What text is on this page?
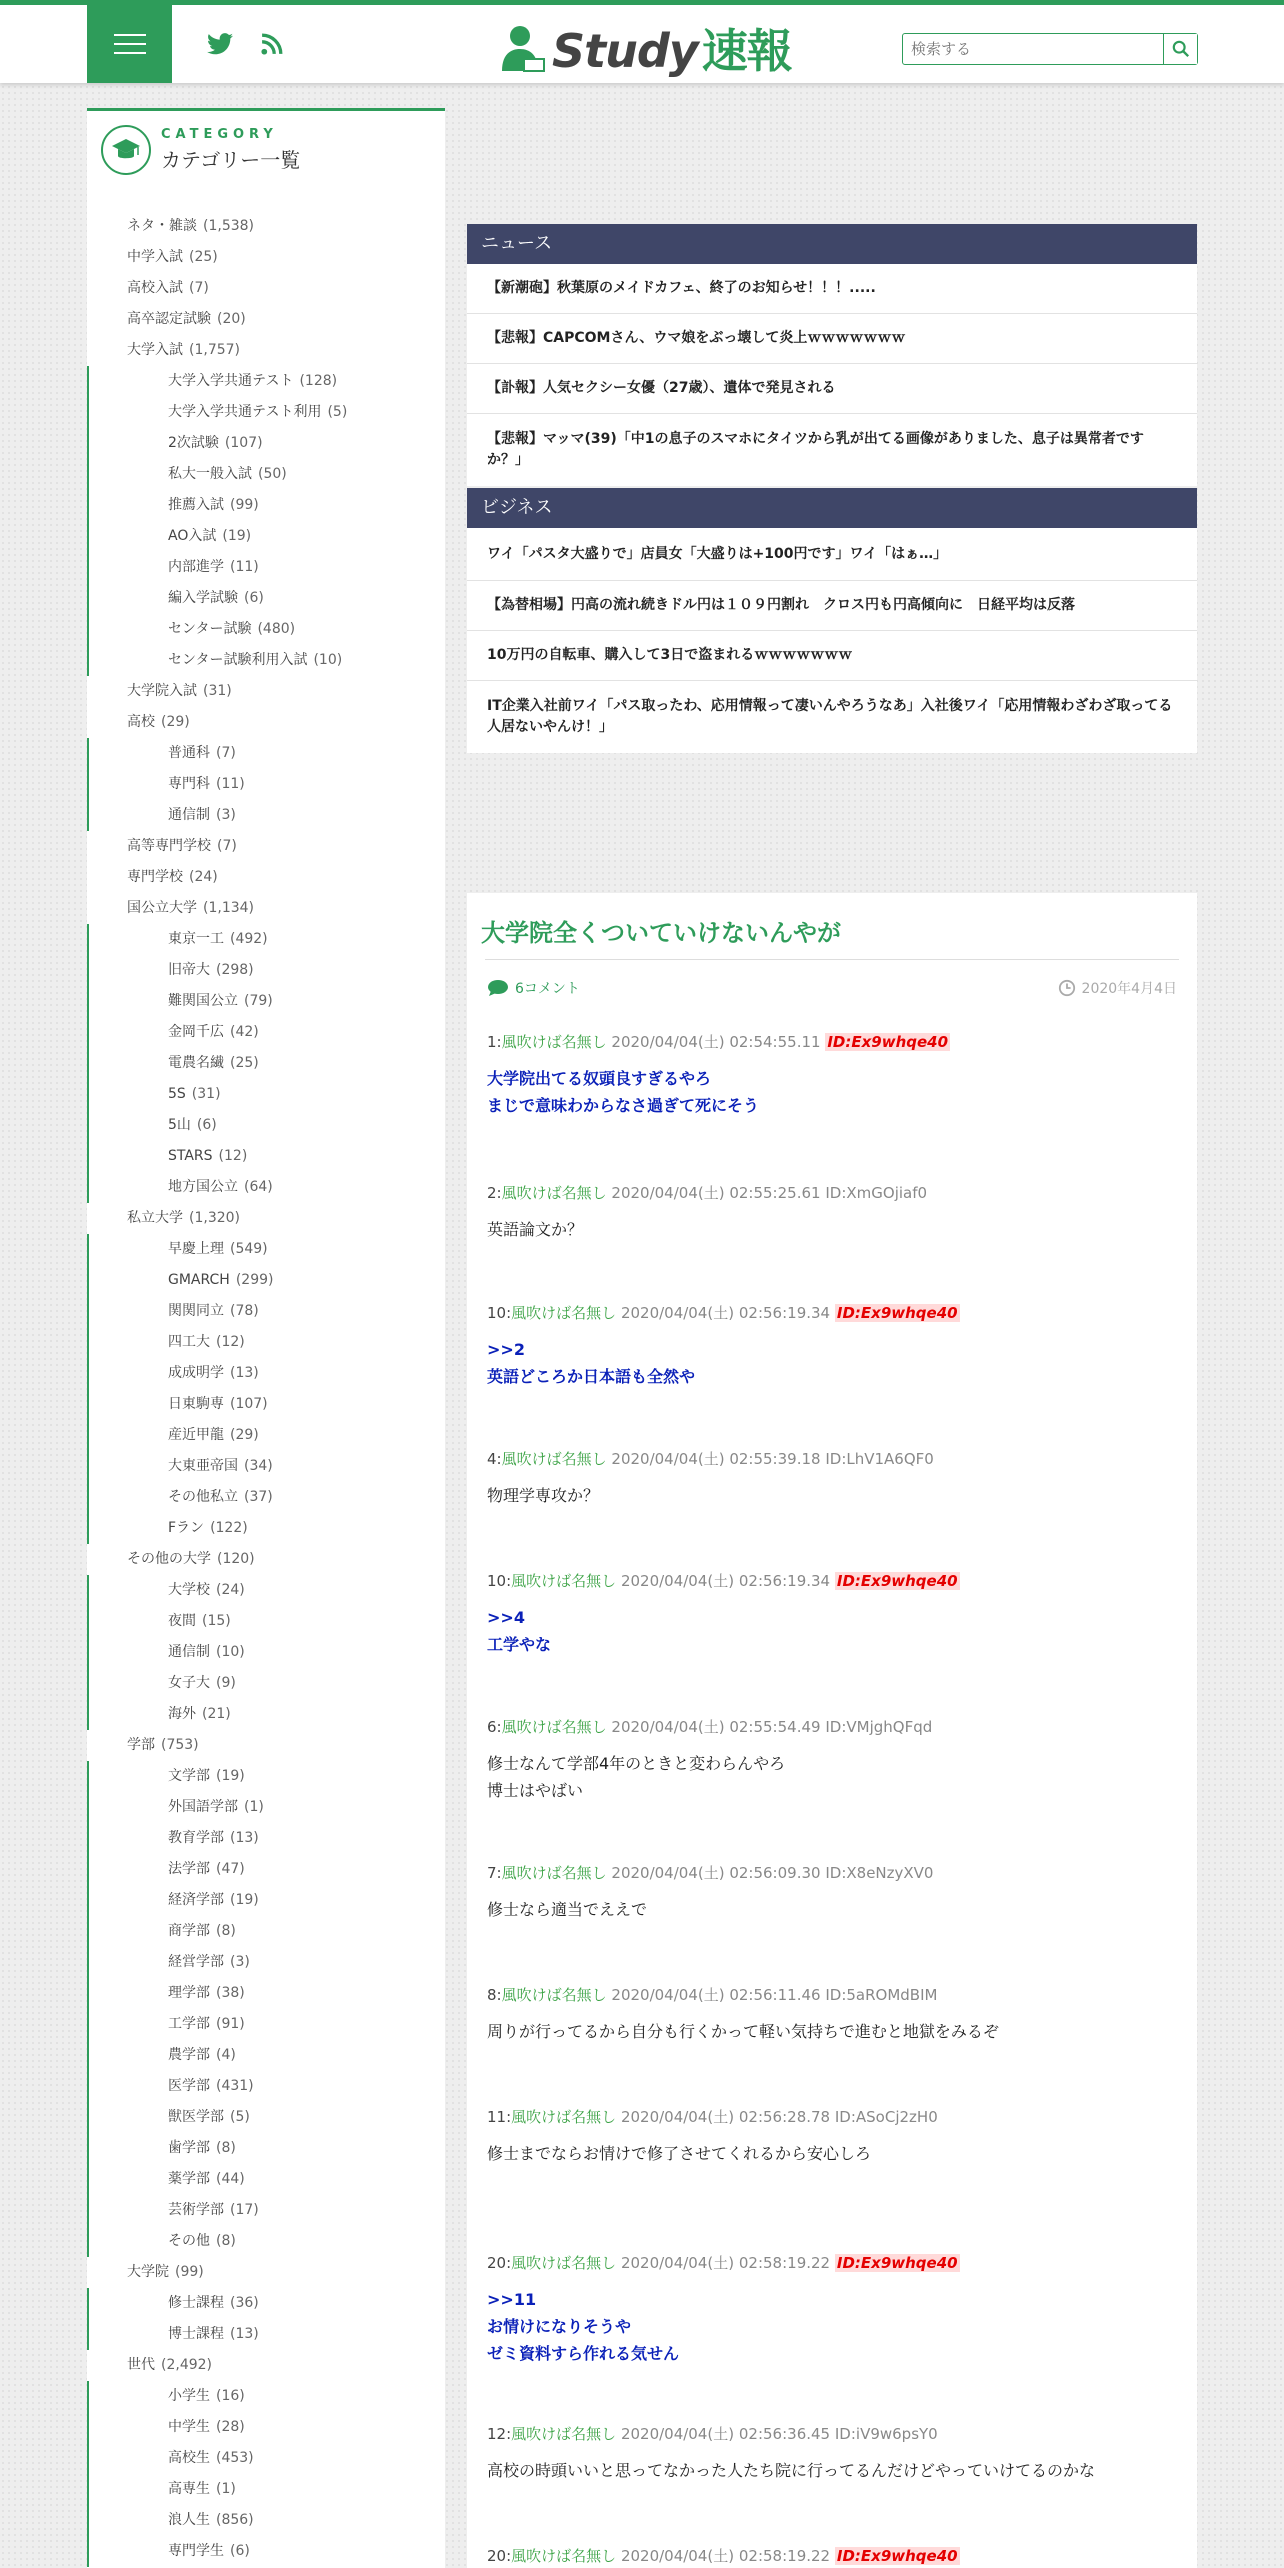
Study速報
検索する
CATEGORY
カテゴリー一覧
ネタ・雑談 (1,538)
中学入試 (25)
高校入試 (7)
高卒認定試験 (20)
大学入試 (1,757)
大学入学共通テスト (128)
大学入学共通テスト利用 (5)
2次試験 (107)
私大一般入試 (50)
推薦入試 (99)
AO入試 (19)
内部進学 (11)
編入学試験 (6)
センター試験 (480)
センター試験利用入試 (10)
大学院入試 (31)
高校 (29)
普通科 (7)
専門科 (11)
通信制 (3)
高等専門学校 (7)
専門学校 (24)
国公立大学 (1,134)
東京一工 (492)
旧帝大 (298)
難関国公立 (79)
金岡千広 (42)
電農名繊 (25)
5S (31)
5山 (6)
STARS (12)
地方国公立 (64)
私立大学 (1,320)
早慶上理 (549)
GMARCH (299)
関関同立 (78)
四工大 (12)
成成明学 (13)
日東駒専 (107)
産近甲龍 (29)
大東亜帝国 (34)
その他私立 (37)
Fラン (122)
その他の大学 (120)
大学校 (24)
夜間 (15)
通信制 (10)
女子大 (9)
海外 (21)
学部 (753)
文学部 (19)
外国語学部 (1)
教育学部 (13)
法学部 (47)
経済学部 (19)
商学部 (8)
経営学部 (3)
理学部 (38)
工学部 (91)
農学部 (4)
医学部 (431)
獣医学部 (5)
歯学部 (8)
薬学部 (44)
芸術学部 (17)
その他 (8)
大学院 (99)
修士課程 (36)
博士課程 (13)
世代 (2,492)
小学生 (16)
中学生 (28)
高校生 (453)
高専生 (1)
浪人生 (856)
専門学生 (6)
ニュース
【新潮砲】秋葉原のメイドカフェ、終了のお知らせ！！！.....
【悲報】CAPCOMさん、ウマ娘をぶっ壊して炎上ｗｗｗｗｗｗｗ
【訃報】人気セクシー女優（27歳）、遺体で発見される
【悲報】マッマ(39)「中1の息子のスマホにタイツから乳が出てる画像がありました、息子は異常者ですか？」
ビジネス
ワイ「パスタ大盛りで」店員女「大盛りは+100円です」ワイ「はぁ…」
【為替相場】円高の流れ続きドル円は１０９円割れ　クロス円も円高傾向に　日経平均は反落
10万円の自転車、購入して3日で盗まれるｗｗｗｗｗｗｗ
IT企業入社前ワイ「パス取ったわ、応用情報って凄いんやろうなあ」入社後ワイ「応用情報わざわざ取ってる人居ないやんけ！」
大学院全くついていけないんやが
6コメント	2020年4月4日
1:風吹けば名無し 2020/04/04(土) 02:54:55.11 ID:Ex9whqe40
大学院出てる奴頭良すぎるやろ
まじで意味わからなさ過ぎて死にそう
2:風吹けば名無し 2020/04/04(土) 02:55:25.61 ID:XmGOjiaf0
英語論文か？
10:風吹けば名無し 2020/04/04(土) 02:56:19.34 ID:Ex9whqe40
>>2
英語どころか日本語も全然や
4:風吹けば名無し 2020/04/04(土) 02:55:39.18 ID:LhV1A6QF0
物理学専攻か？
10:風吹けば名無し 2020/04/04(土) 02:56:19.34 ID:Ex9whqe40
>>4
工学やな
6:風吹けば名無し 2020/04/04(土) 02:55:54.49 ID:VMjghQFqd
修士なんて学部4年のときと変わらんやろ
博士はやばい
7:風吹けば名無し 2020/04/04(土) 02:56:09.30 ID:X8eNzyXV0
修士なら適当でええで
8:風吹けば名無し 2020/04/04(土) 02:56:11.46 ID:5aROMdBIM
周りが行ってるから自分も行くかって軽い気持ちで進むと地獄をみるぞ
11:風吹けば名無し 2020/04/04(土) 02:56:28.78 ID:ASoCj2zH0
修士までならお情けで修了させてくれるから安心しろ
20:風吹けば名無し 2020/04/04(土) 02:58:19.22 ID:Ex9whqe40
>>11
お情けになりそうや
ゼミ資料すら作れる気せん
12:風吹けば名無し 2020/04/04(土) 02:56:36.45 ID:iV9w6psY0
高校の時頭いいと思ってなかった人たち院に行ってるんだけどやっていけてるのかな
20:風吹けば名無し 2020/04/04(土) 02:58:19.22 ID:Ex9whqe40
